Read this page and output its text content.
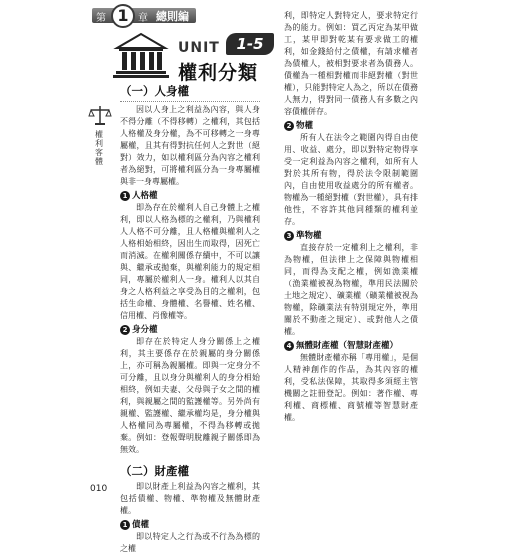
第 1 章 總則編
UNIT	1-5
權利分類
權利客體
（一）人身權

因以人身上之利益為內容，與人身不得分離（不得移轉）之權利，其包括人格權及身分權，為不可移轉之一身專屬權，且其有得對抗任何人之對世（絕對）效力，如以權利區分為內容之權利者為絕對，可將權利區分為一身專屬權與非一身專屬權。

1 人格權

即為存在於權利人自己身體上之權利，即以人格為標的之權利，乃與權利人人格不可分離，且人格權與權利人之人格相始相終，因出生而取得，因死亡而消滅。在權利關係存續中，不可以讓與、繼承或拋棄，與權利能力的規定相同，專屬於權利人一身。權利人以其自身之人格利益之享受為目的之權利，包括生命權、身體權、名譽權、姓名權、信用權、肖像權等。

2 身分權

即存在於特定人身分關係上之權利，其主要係存在於親屬的身分關係上，亦可稱為親屬權。即與一定身分不可分離，且以身分與權利人的身分相始相終，例如夫妻、父母與子女之間的權利，與親屬之間的監護權等。另外尚有親權、監護權、繼承權均是，身分權與人格權同為專屬權，不得為移轉或拋棄。例如：登報聲明脫離親子關係即為無效。

（二）財產權

即以財產上利益為內容之權利，其包括債權、物權、準物權及無體財產權。

1 債權

即以特定人之行為或不行為為標的之權

利，即特定人對特定人，要求特定行為的能力。例如：買乙丙定為某甲做工，某甲即對乾某有要求做工的權利，如金錢給付之債權，有請求權者為債權人，被相對要求者為債務人。債權為一種相對權而非絕對權（對世權），只能對特定人為之，所以在債務人無力，得對同一債務人有多數之內容債權併存。

2 物權

所有人在法令之範圍內得自由使用、收益、處分，即以對特定物得享受一定利益為內容之權利，如所有人對於其所有物，得於法令限制範圍內，自由使用收益處分的所有權者。物權為一種絕對權（對世權），具有排他性，不容許其他同種類的權利並存。

3 準物權

直接存於一定權利上之權利，非為物權，但法律上之保障與物權相同，而得為支配之權，例如漁業權（漁業權被視為物權，準用民法關於土地之規定）、礦業權（礦業權被視為物權，除礦業法有特別規定外，準用關於不動產之規定）、或對他人之債權。

4 無體財產權（智慧財產權）

無體財產權亦稱「專用權」，是個人精神創作的作品，為其內容的權利，受私法保障，其取得多須經主管機關之註冊登記。例如：著作權、專利權、商標權、商號權等智慧財產權。

010
